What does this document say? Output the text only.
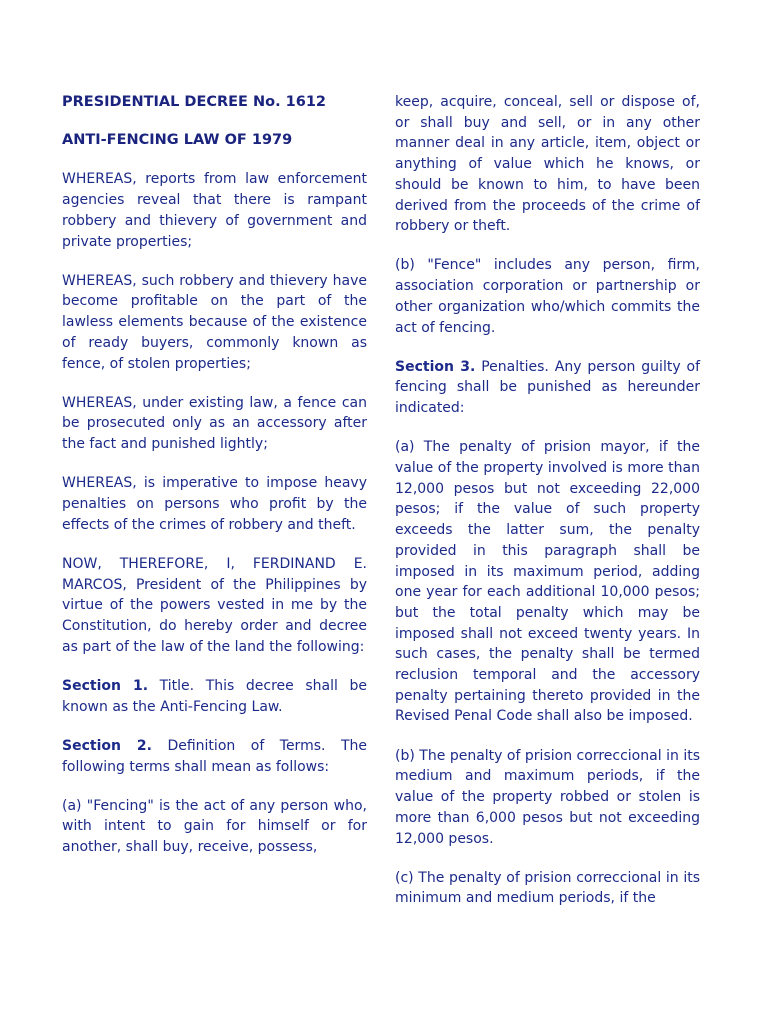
PRESIDENTIAL DECREE No. 1612

ANTI-FENCING LAW OF 1979

WHEREAS, reports from law enforcement agencies reveal that there is rampant robbery and thievery of government and private properties;

WHEREAS, such robbery and thievery have become profitable on the part of the lawless elements because of the existence of ready buyers, commonly known as fence, of stolen properties;

WHEREAS, under existing law, a fence can be prosecuted only as an accessory after the fact and punished lightly;

WHEREAS, is imperative to impose heavy penalties on persons who profit by the effects of the crimes of robbery and theft.

NOW, THEREFORE, I, FERDINAND E. MARCOS, President of the Philippines by virtue of the powers vested in me by the Constitution, do hereby order and decree as part of the law of the land the following:

Section 1. Title. This decree shall be known as the Anti-Fencing Law.

Section 2. Definition of Terms. The following terms shall mean as follows:

(a) "Fencing" is the act of any person who, with intent to gain for himself or for another, shall buy, receive, possess,

keep, acquire, conceal, sell or dispose of, or shall buy and sell, or in any other manner deal in any article, item, object or anything of value which he knows, or should be known to him, to have been derived from the proceeds of the crime of robbery or theft.

(b) "Fence" includes any person, firm, association corporation or partnership or other organization who/which commits the act of fencing.

Section 3. Penalties. Any person guilty of fencing shall be punished as hereunder indicated:

(a) The penalty of prision mayor, if the value of the property involved is more than 12,000 pesos but not exceeding 22,000 pesos; if the value of such property exceeds the latter sum, the penalty provided in this paragraph shall be imposed in its maximum period, adding one year for each additional 10,000 pesos; but the total penalty which may be imposed shall not exceed twenty years. In such cases, the penalty shall be termed reclusion temporal and the accessory penalty pertaining thereto provided in the Revised Penal Code shall also be imposed.

(b) The penalty of prision correccional in its medium and maximum periods, if the value of the property robbed or stolen is more than 6,000 pesos but not exceeding 12,000 pesos.

(c) The penalty of prision correccional in its minimum and medium periods, if the
